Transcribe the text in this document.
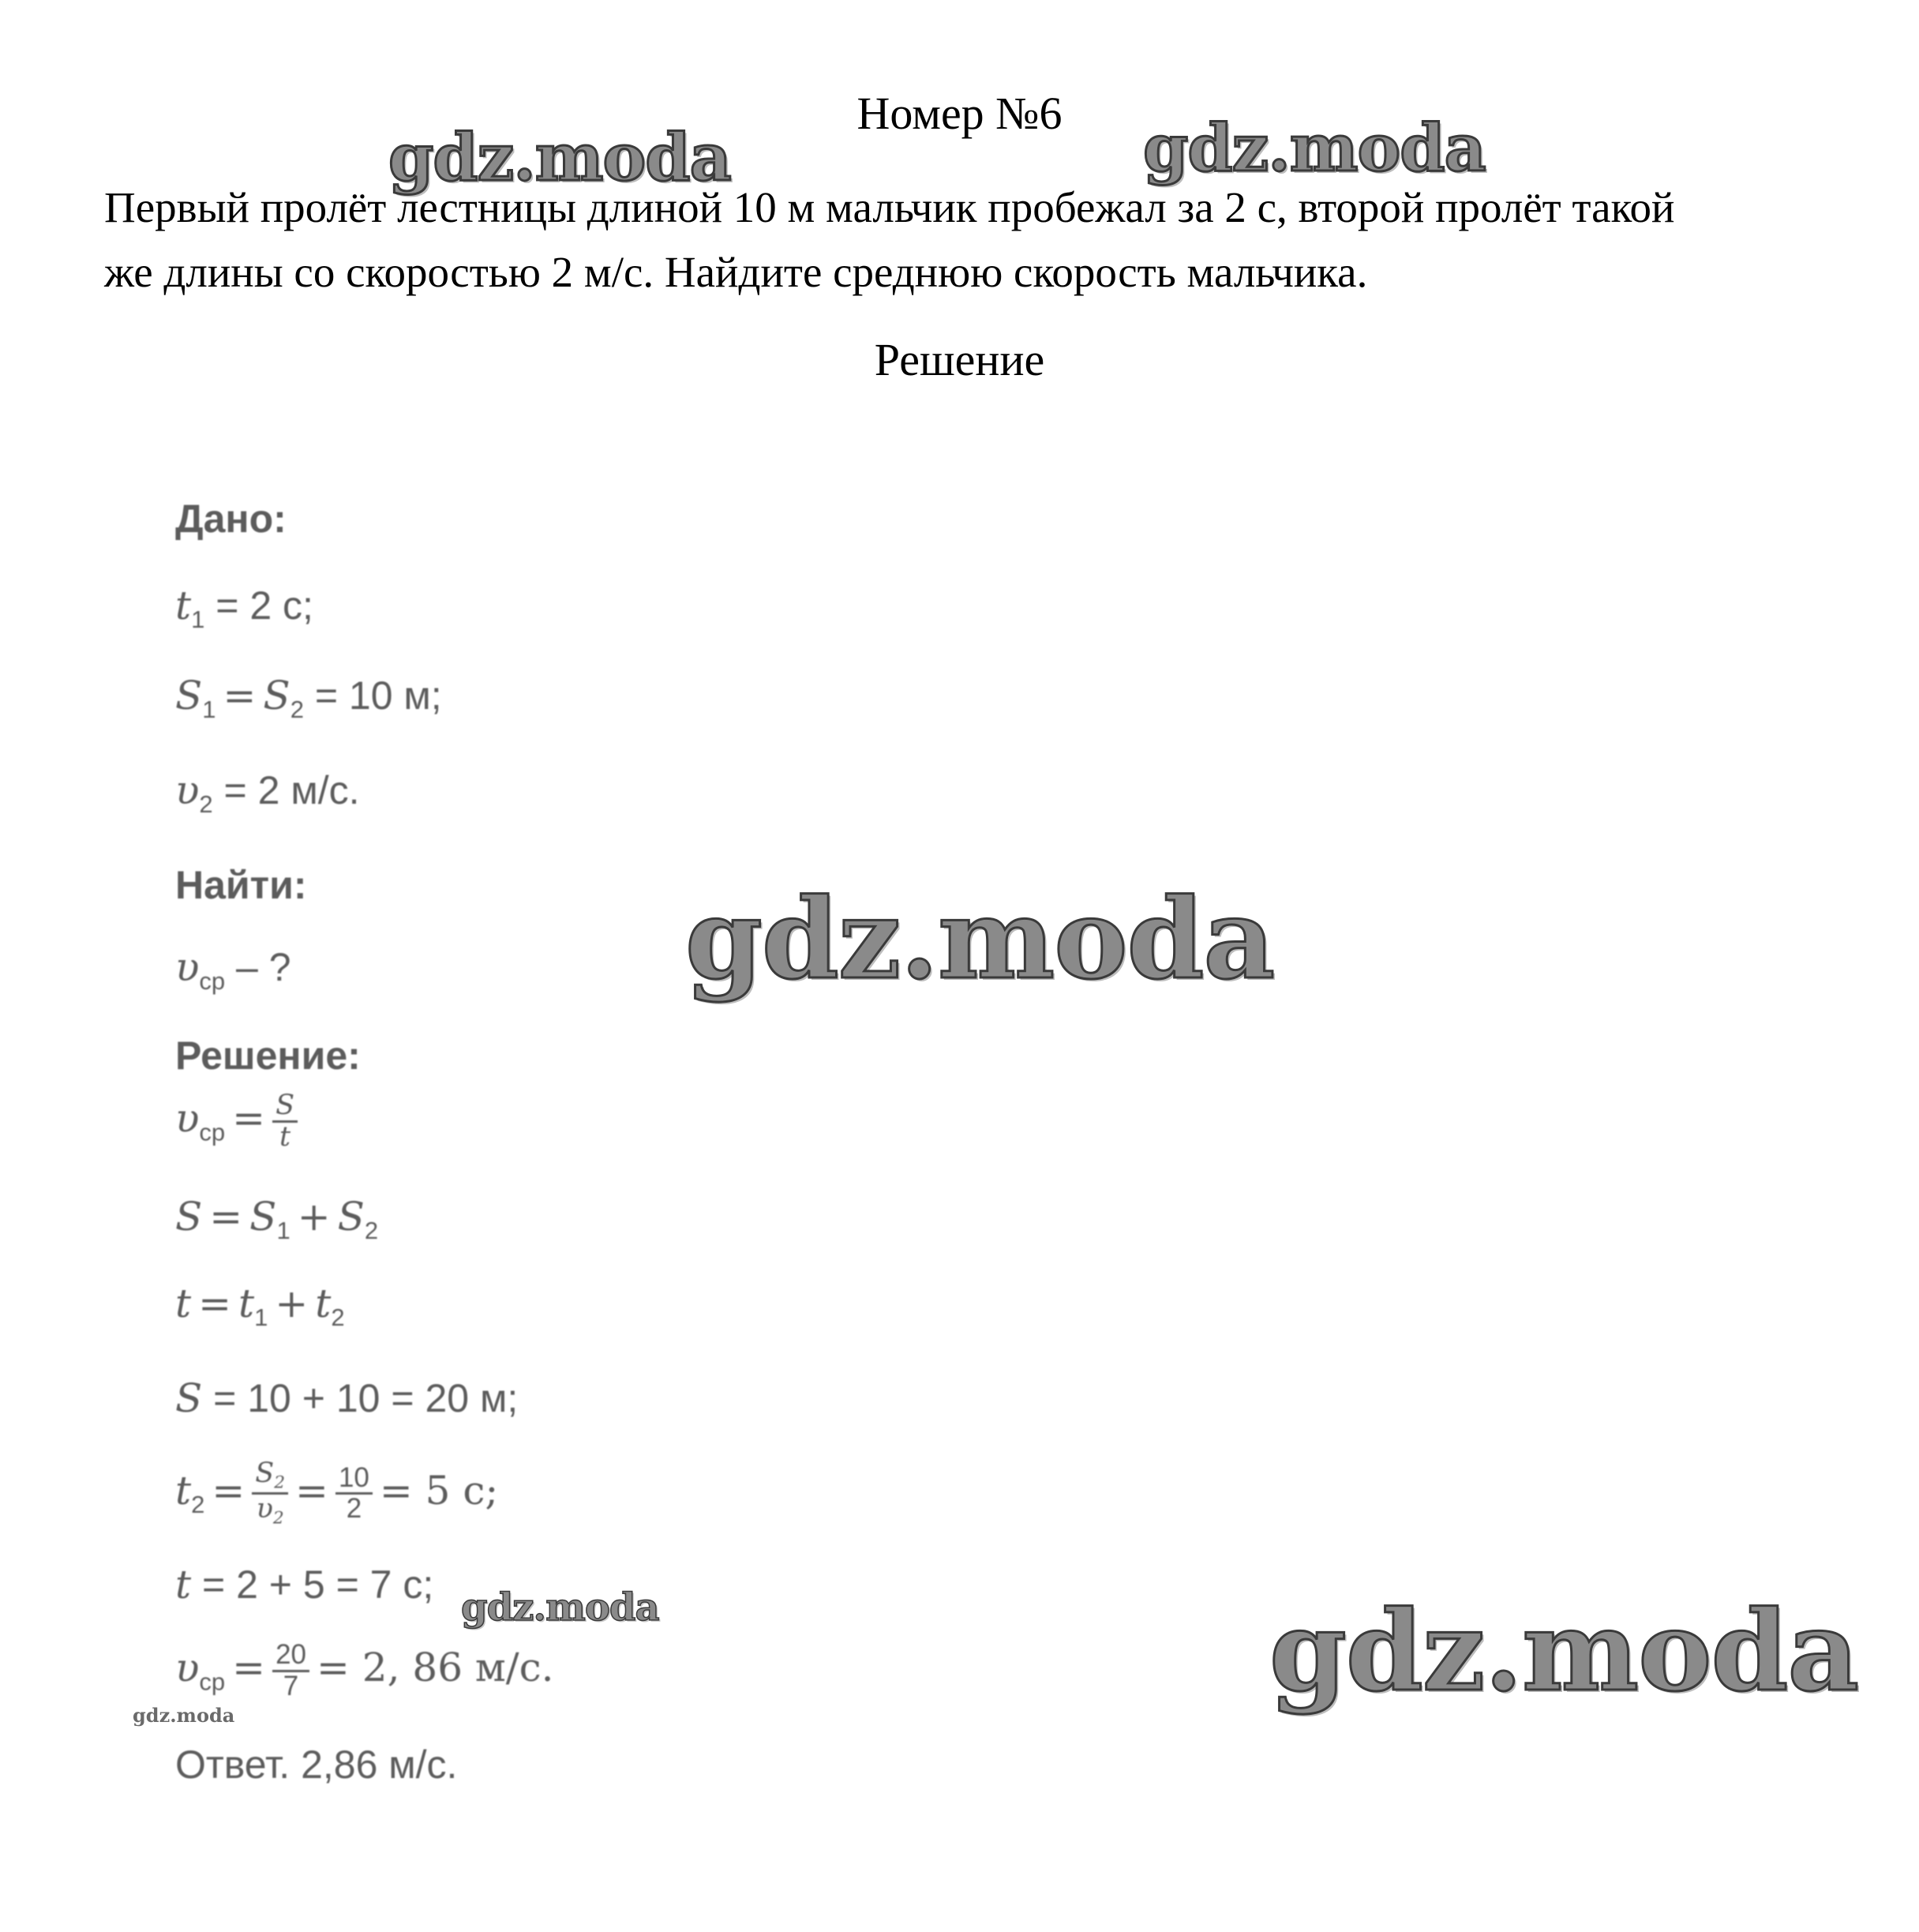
Номер №6
Первый пролёт лестницы длиной 10 м мальчик пробежал за 2 с, второй пролёт такой
же длины со скоростью 2 м/с. Найдите среднюю скорость мальчика.
Решение
Дано:
$t_1 = 2$ с;
$S_1 = S_2 = 10$ м;
$\upsilon_2 = 2$ м/с.
Найти:
$\upsilon_{ср}$ – ?
Решение:
$\upsilon_{ср} = \frac{S}{t}$
$S = S_1 + S_2$
$t = t_1 + t_2$
S = 10 + 10 = 20 м;
$t_2 = \frac{S_2}{\upsilon_2} = \frac{10}{2} = 5$ с;
t = 2 + 5 = 7 с;
$\upsilon_{ср} = \frac{20}{7} = 2$, 86 м/с.
Ответ. 2,86 м/с.
gdz.moda	gdz.moda
gdz.moda
gdz.moda
gdz.moda
gdz.moda
